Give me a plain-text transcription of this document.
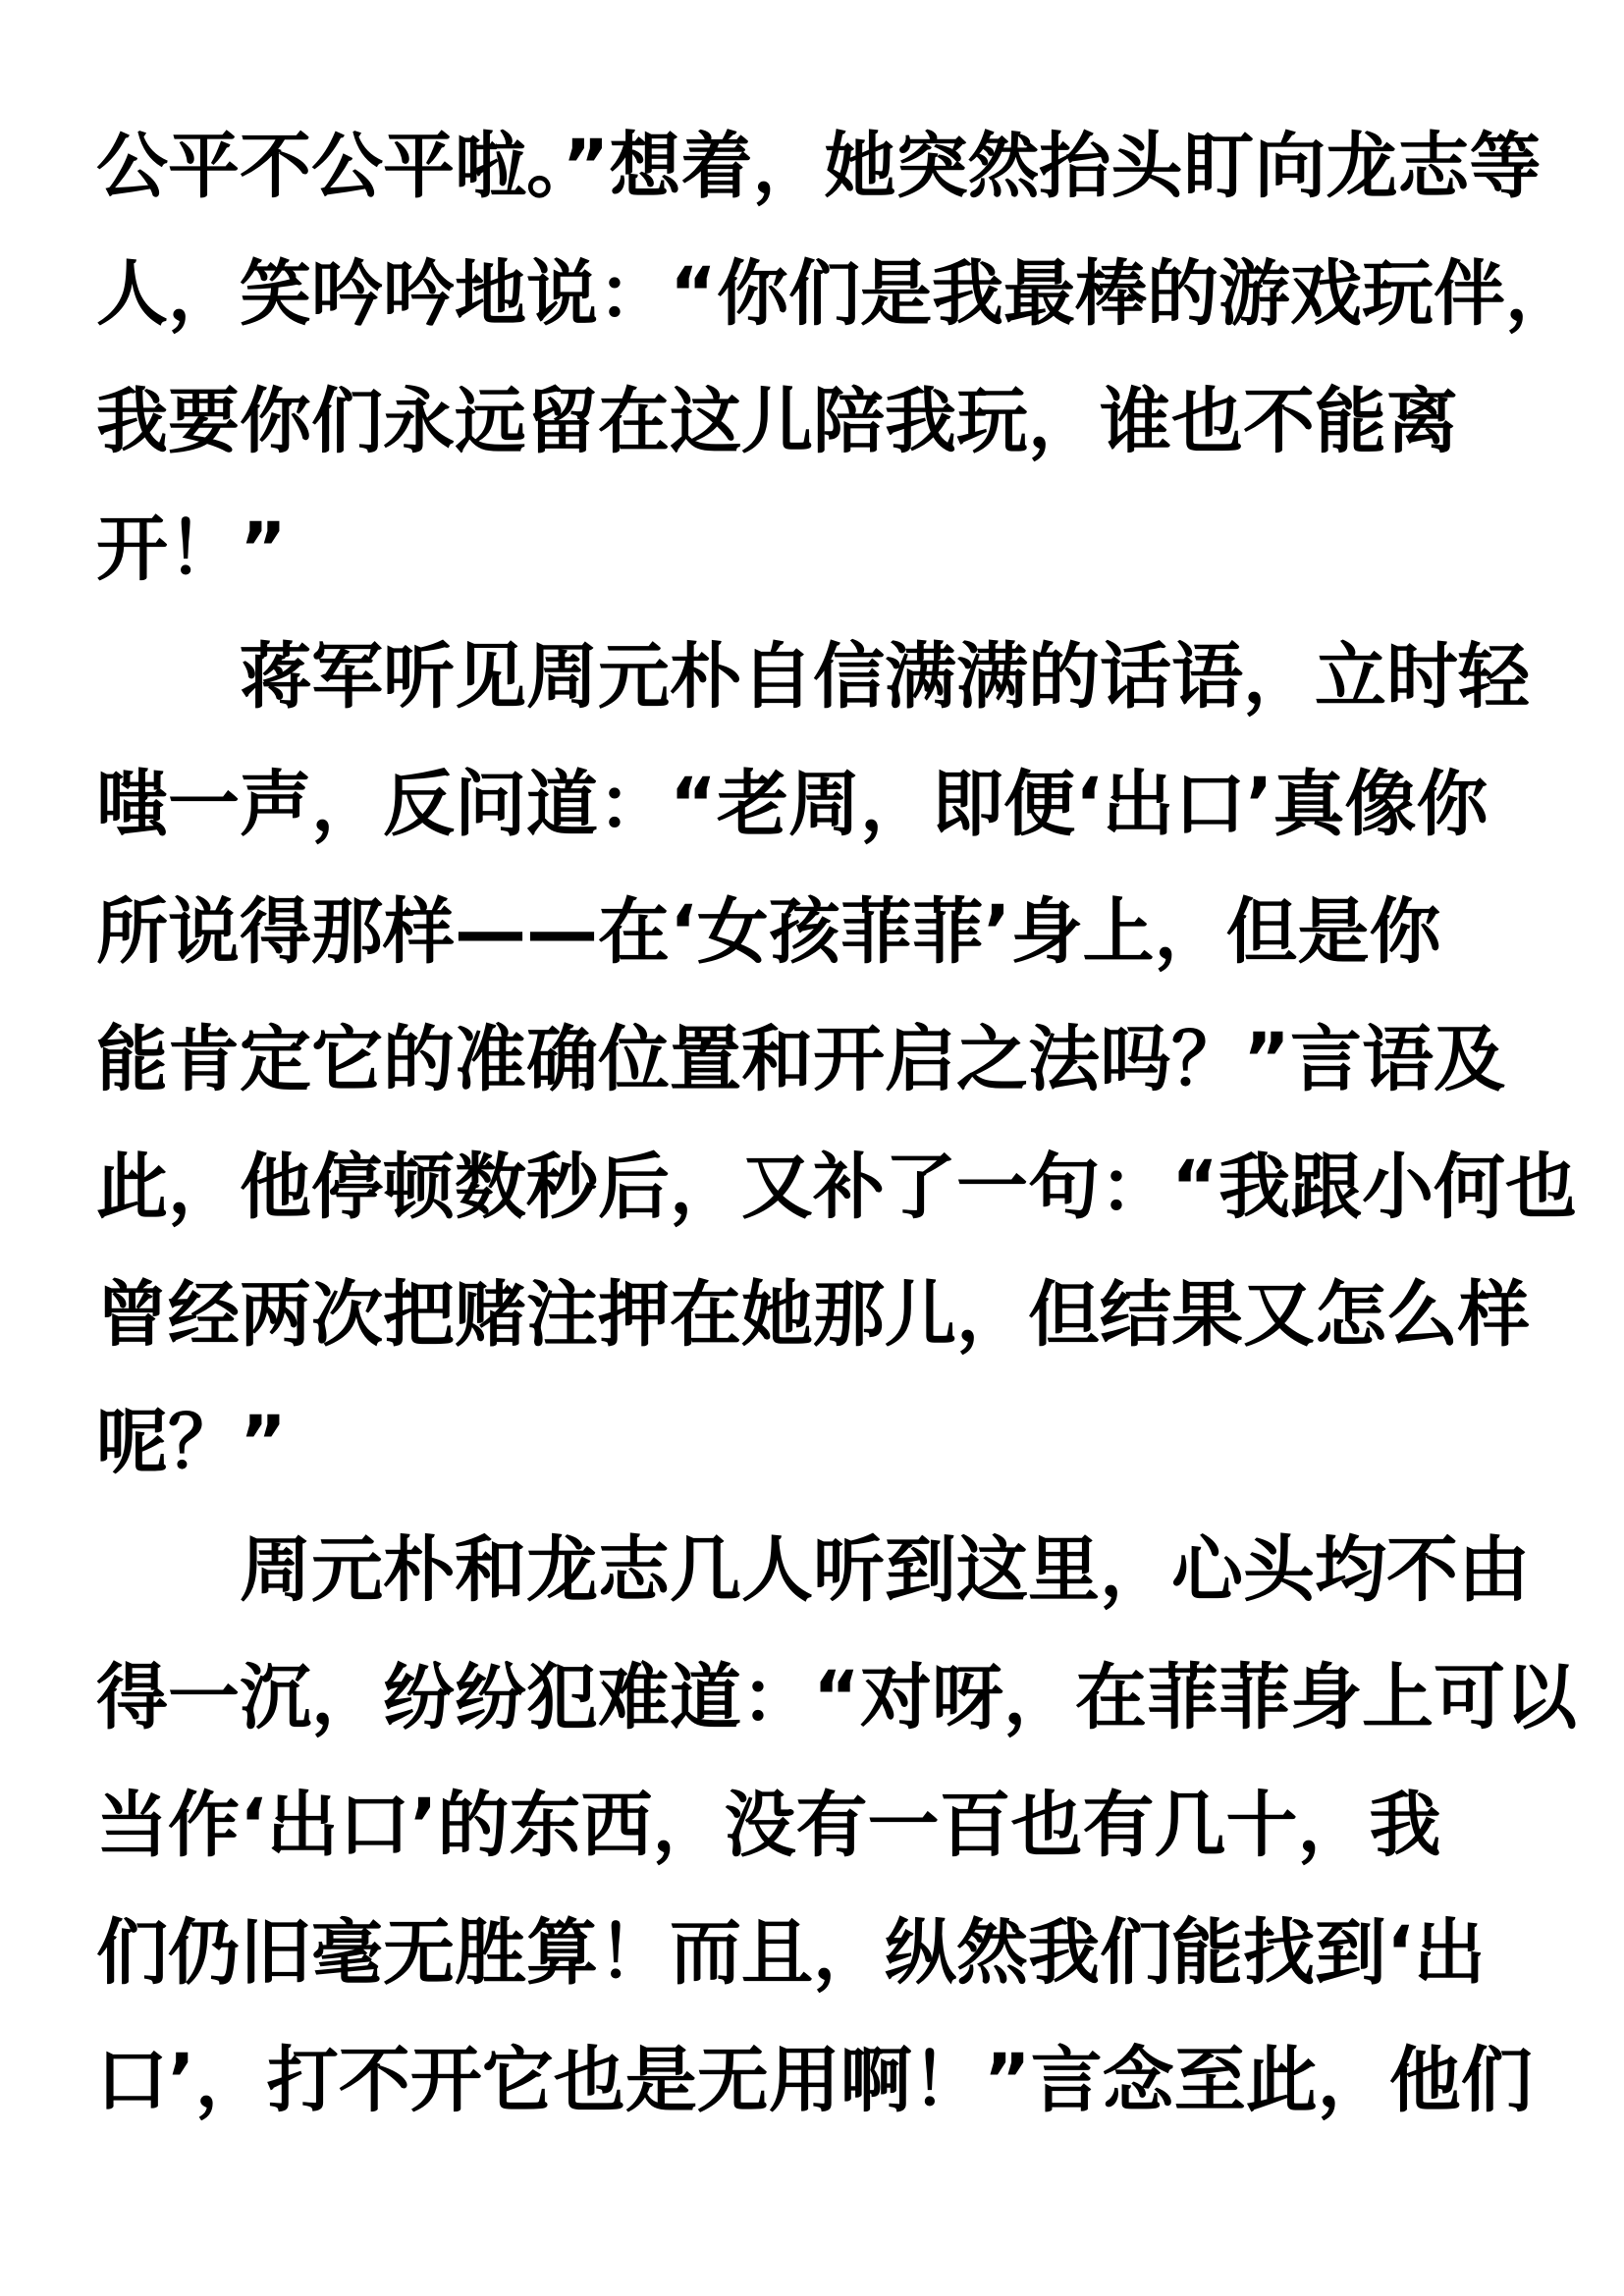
公平不公平啦。”想着，她突然抬头盯向龙志等
人，笑吟吟地说：“你们是我最棒的游戏玩伴，
我要你们永远留在这儿陪我玩，谁也不能离
开！”
蒋军听见周元朴自信满满的话语，立时轻
嗤一声，反问道：“老周，即便‘出口’真像你
所说得那样——在‘女孩菲菲’身上，但是你
能肯定它的准确位置和开启之法吗？”言语及
此，他停顿数秒后，又补了一句：“我跟小何也
曾经两次把赌注押在她那儿，但结果又怎么样
呢？”
周元朴和龙志几人听到这里，心头均不由
得一沉，纷纷犯难道：“对呀，在菲菲身上可以
当作‘出口’的东西，没有一百也有几十，我
们仍旧毫无胜算！而且，纵然我们能找到‘出
口’，打不开它也是无用啊！”言念至此，他们
